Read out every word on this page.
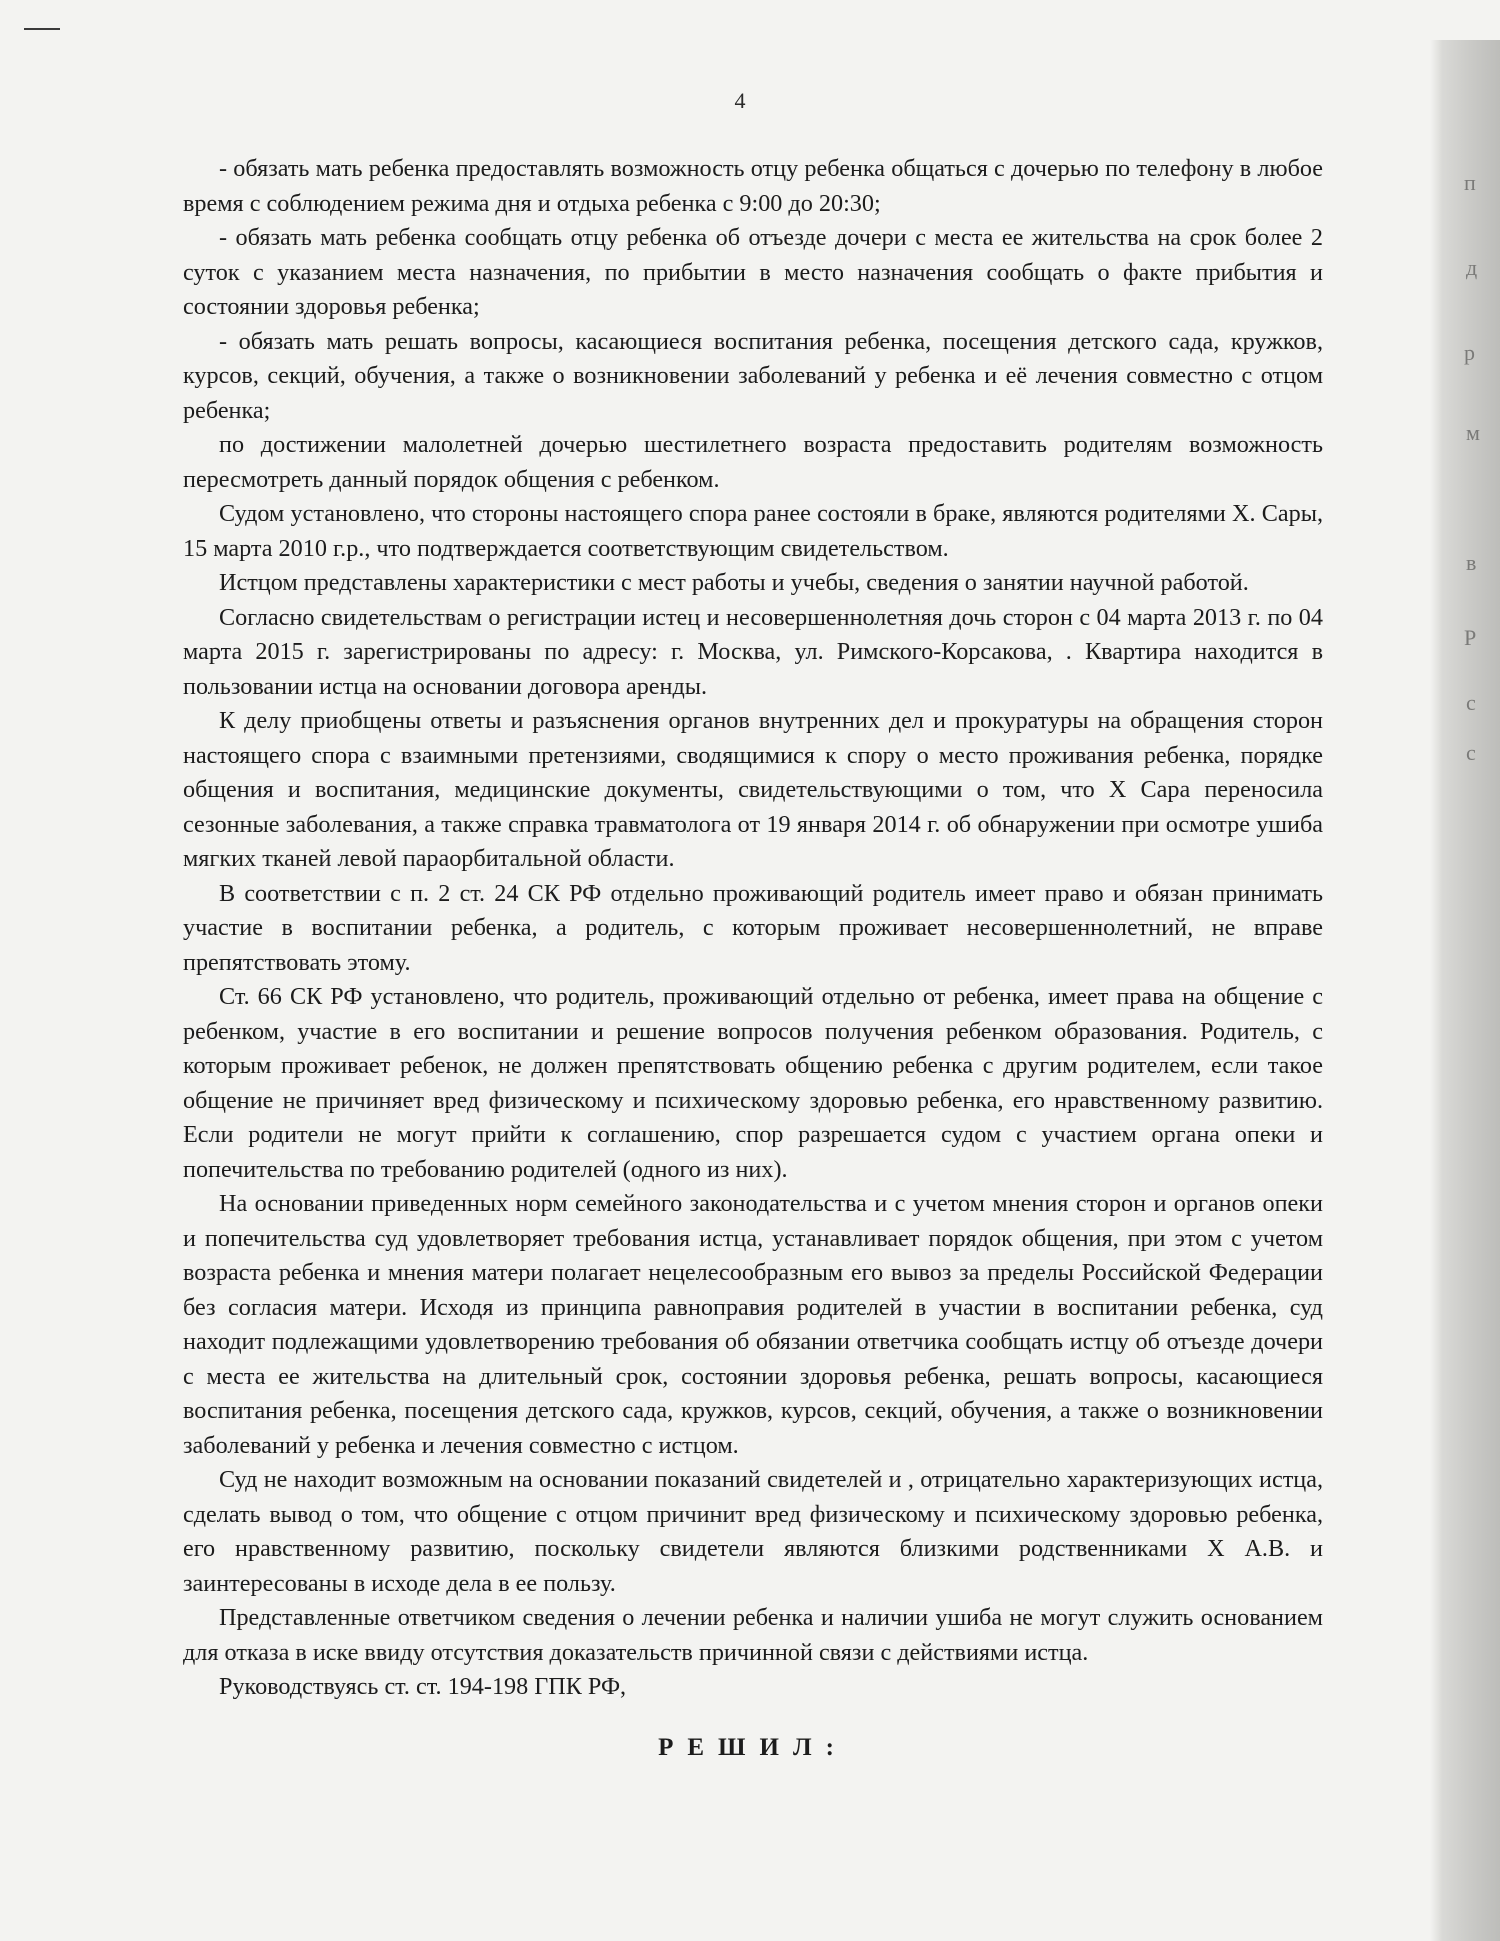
п
д
р
м
в
Р
с
с
4

- обязать мать ребенка предоставлять возможность отцу ребенка общаться с дочерью по телефону в любое время с соблюдением режима дня и отдыха ребенка с 9:00 до 20:30;

- обязать мать ребенка сообщать отцу ребенка об отъезде дочери с места ее жительства на срок более 2 суток с указанием места назначения, по прибытии в место назначения сообщать о факте прибытия и состоянии здоровья ребенка;

- обязать мать решать вопросы, касающиеся воспитания ребенка, посещения детского сада, кружков, курсов, секций, обучения, а также о возникновении заболеваний у ребенка и её лечения совместно с отцом ребенка;

по достижении малолетней дочерью шестилетнего возраста предоставить родителям возможность пересмотреть данный порядок общения с ребенком.

Судом установлено, что стороны настоящего спора ранее состояли в браке, являются родителями Х. Сары, 15 марта 2010 г.р., что подтверждается соответствующим свидетельством.

Истцом представлены характеристики с мест работы и учебы, сведения о занятии научной работой.

Согласно свидетельствам о регистрации истец и несовершеннолетняя дочь сторон с 04 марта 2013 г. по 04 марта 2015 г. зарегистрированы по адресу: г. Москва, ул. Римского-Корсакова, . Квартира находится в пользовании истца на основании договора аренды.

К делу приобщены ответы и разъяснения органов внутренних дел и прокуратуры на обращения сторон настоящего спора с взаимными претензиями, сводящимися к спору о место проживания ребенка, порядке общения и воспитания, медицинские документы, свидетельствующими о том, что Х Сара переносила сезонные заболевания, а также справка травматолога от 19 января 2014 г. об обнаружении при осмотре ушиба мягких тканей левой параорбитальной области.

В соответствии с п. 2 ст. 24 СК РФ отдельно проживающий родитель имеет право и обязан принимать участие в воспитании ребенка, а родитель, с которым проживает несовершеннолетний, не вправе препятствовать этому.

Ст. 66 СК РФ установлено, что родитель, проживающий отдельно от ребенка, имеет права на общение с ребенком, участие в его воспитании и решение вопросов получения ребенком образования. Родитель, с которым проживает ребенок, не должен препятствовать общению ребенка с другим родителем, если такое общение не причиняет вред физическому и психическому здоровью ребенка, его нравственному развитию. Если родители не могут прийти к соглашению, спор разрешается судом с участием органа опеки и попечительства по требованию родителей (одного из них).

На основании приведенных норм семейного законодательства и с учетом мнения сторон и органов опеки и попечительства суд удовлетворяет требования истца, устанавливает порядок общения, при этом с учетом возраста ребенка и мнения матери полагает нецелесообразным его вывоз за пределы Российской Федерации без согласия матери. Исходя из принципа равноправия родителей в участии в воспитании ребенка, суд находит подлежащими удовлетворению требования об обязании ответчика сообщать истцу об отъезде дочери с места ее жительства на длительный срок, состоянии здоровья ребенка, решать вопросы, касающиеся воспитания ребенка, посещения детского сада, кружков, курсов, секций, обучения, а также о возникновении заболеваний у ребенка и лечения совместно с истцом.

Суд не находит возможным на основании показаний свидетелей и , отрицательно характеризующих истца, сделать вывод о том, что общение с отцом причинит вред физическому и психическому здоровью ребенка, его нравственному развитию, поскольку свидетели являются близкими родственниками Х А.В. и заинтересованы в исходе дела в ее пользу.

Представленные ответчиком сведения о лечении ребенка и наличии ушиба не могут служить основанием для отказа в иске ввиду отсутствия доказательств причинной связи с действиями истца.

Руководствуясь ст. ст. 194-198 ГПК РФ,

РЕШИЛ:
